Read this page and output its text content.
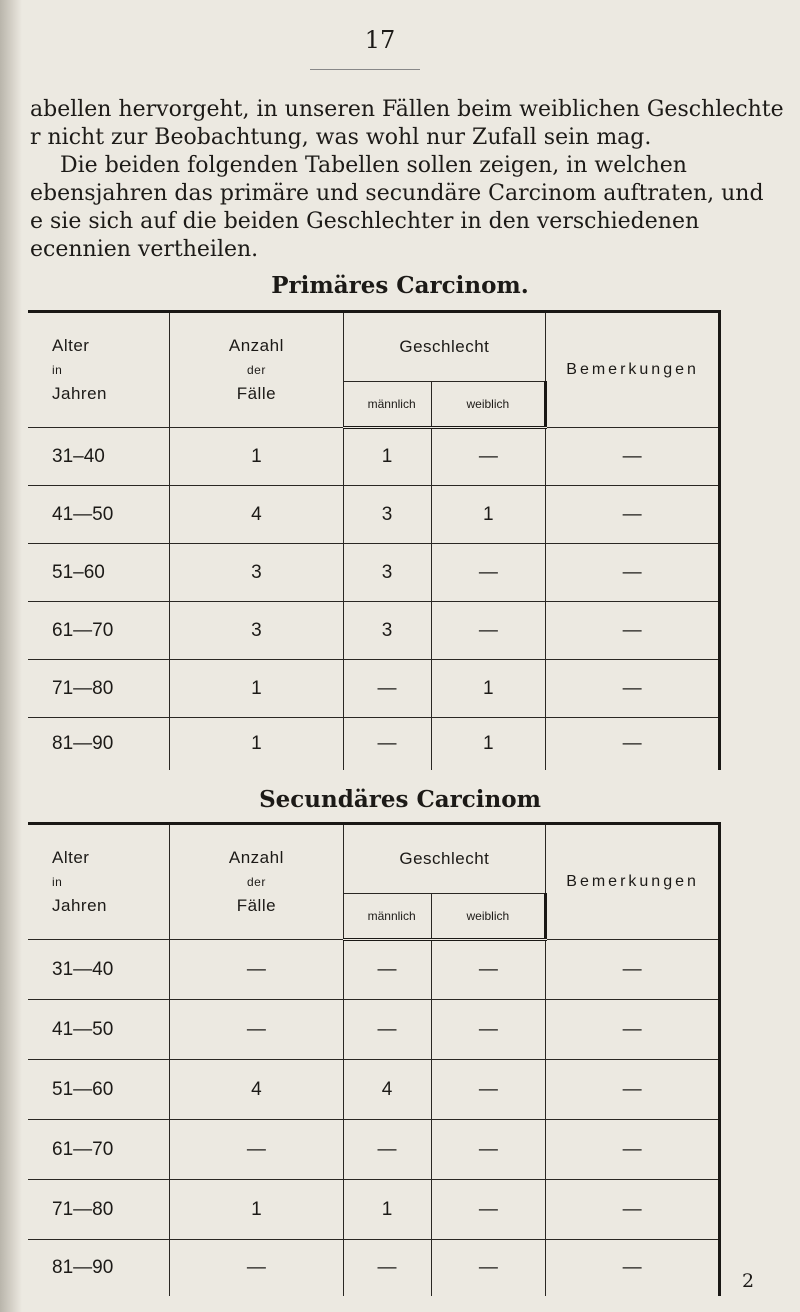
17
abellen hervorgeht, in unseren Fällen beim weiblichen Geschlechte
r nicht zur Beobachtung, was wohl nur Zufall sein mag.
Die beiden folgenden Tabellen sollen zeigen, in welchen
ebensjahren das primäre und secundäre Carcinom auftraten, und
e sie sich auf die beiden Geschlechter in den verschiedenen
ecennien vertheilen.
Primäres Carcinom.
Alter
in
Jahren	Anzahl
der
Fälle	Geschlecht		Bemerkungen
		männlich	weiblich	
31–40	1	1	—	—
41—50	4	3	1	—
51–60	3	3	—	—
61—70	3	3	—	—
71—80	1	—	1	—
81—90	1	—	1	—
Secundäres Carcinom
Alter
in
Jahren	Anzahl
der
Fälle	Geschlecht		Bemerkungen
		männlich	weiblich	
31—40	—	—	—	—
41—50	—	—	—	—
51—60	4	4	—	—
61—70	—	—	—	—
71—80	1	1	—	—
81—90	—	—	—	—
2
